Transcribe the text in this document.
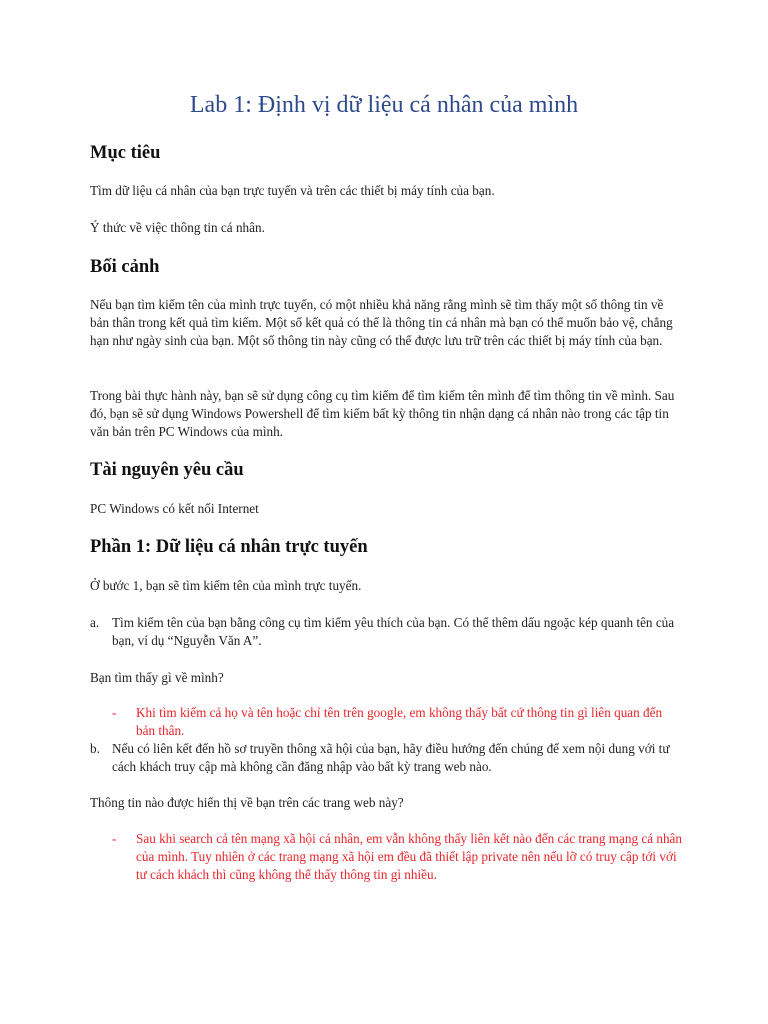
Lab 1: Định vị dữ liệu cá nhân của mình
Mục tiêu

Tìm dữ liệu cá nhân của bạn trực tuyến và trên các thiết bị máy tính của bạn.

Ý thức về việc thông tin cá nhân.

Bối cảnh

Nếu bạn tìm kiếm tên của mình trực tuyến, có một nhiều khả năng rằng mình sẽ tìm thấy một số thông tin về bản thân trong kết quả tìm kiếm. Một số kết quả có thể là thông tin cá nhân mà bạn có thể muốn bảo vệ, chẳng hạn như ngày sinh của bạn. Một số thông tin này cũng có thể được lưu trữ trên các thiết bị máy tính của bạn.

Trong bài thực hành này, bạn sẽ sử dụng công cụ tìm kiếm để tìm kiếm tên mình để tìm thông tin về mình. Sau đó, bạn sẽ sử dụng Windows Powershell để tìm kiếm bất kỳ thông tin nhận dạng cá nhân nào trong các tập tin văn bản trên PC Windows của mình.

Tài nguyên yêu cầu

PC Windows có kết nối Internet

Phần 1: Dữ liệu cá nhân trực tuyến

Ở bước 1, bạn sẽ tìm kiếm tên của mình trực tuyến.

a. Tìm kiếm tên của bạn bằng công cụ tìm kiếm yêu thích của bạn. Có thể thêm dấu ngoặc kép quanh tên của bạn, ví dụ “Nguyễn Văn A”.

Bạn tìm thấy gì về mình?

- Khi tìm kiếm cả họ và tên hoặc chỉ tên trên google, em không thấy bất cứ thông tin gì liên quan đến bản thân.
b. Nếu có liên kết đến hồ sơ truyền thông xã hội của bạn, hãy điều hướng đến chúng để xem nội dung với tư cách khách truy cập mà không cần đăng nhập vào bất kỳ trang web nào.

Thông tin nào được hiển thị về bạn trên các trang web này?

- Sau khi search cả tên mạng xã hội cá nhân, em vẫn không thấy liên kết nào đến các trang mạng cá nhân của mình. Tuy nhiên ở các trang mạng xã hội em đều đã thiết lập private nên nếu lỡ có truy cập tới với tư cách khách thì cũng không thể thấy thông tin gì nhiều.
